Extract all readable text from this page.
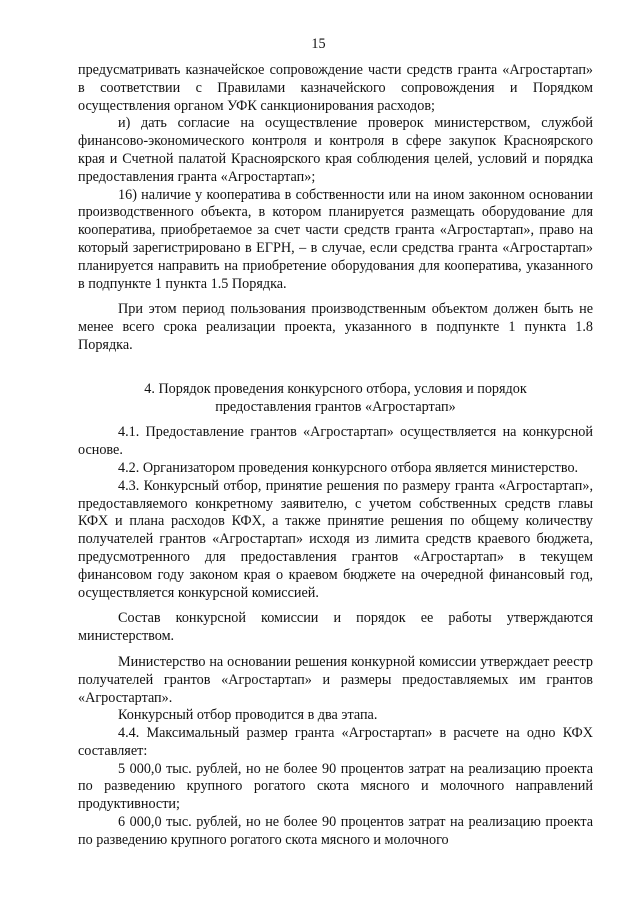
15

предусматривать казначейское сопровождение части средств гранта «Агростартап» в соответствии с Правилами казначейского сопровождения и Порядком осуществления органом УФК санкционирования расходов;

и) дать согласие на осуществление проверок министерством, службой финансово-экономического контроля и контроля в сфере закупок Красноярского края и Счетной палатой Красноярского края соблюдения целей, условий и порядка предоставления гранта «Агростартап»;

16) наличие у кооператива в собственности или на ином законном основании производственного объекта, в котором планируется размещать оборудование для кооператива, приобретаемое за счет части средств гранта «Агростартап», право на который зарегистрировано в ЕГРН, – в случае, если средства гранта «Агростартап» планируется направить на приобретение оборудования для кооператива, указанного в подпункте 1 пункта 1.5 Порядка.

При этом период пользования производственным объектом должен быть не менее всего срока реализации проекта, указанного в подпункте 1 пункта 1.8 Порядка.

4. Порядок проведения конкурсного отбора, условия и порядок
предоставления грантов «Агростартап»

4.1. Предоставление грантов «Агростартап» осуществляется на конкурсной основе.

4.2. Организатором проведения конкурсного отбора является министерство.

4.3. Конкурсный отбор, принятие решения по размеру гранта «Агростартап», предоставляемого конкретному заявителю, с учетом собственных средств главы КФХ и плана расходов КФХ, а также принятие решения по общему количеству получателей грантов «Агростартап» исходя из лимита средств краевого бюджета, предусмотренного для предоставления грантов «Агростартап» в текущем финансовом году законом края о краевом бюджете на очередной финансовый год, осуществляется конкурсной комиссией.

Состав конкурсной комиссии и порядок ее работы утверждаются министерством.

Министерство на основании решения конкурной комиссии утверждает реестр получателей грантов «Агростартап» и размеры предоставляемых им грантов «Агростартап».

Конкурсный отбор проводится в два этапа.

4.4. Максимальный размер гранта «Агростартап» в расчете на одно КФХ составляет:

5 000,0 тыс. рублей, но не более 90 процентов затрат на реализацию проекта по разведению крупного рогатого скота мясного и молочного направлений продуктивности;

6 000,0 тыс. рублей, но не более 90 процентов затрат на реализацию проекта по разведению крупного рогатого скота мясного и молочного
